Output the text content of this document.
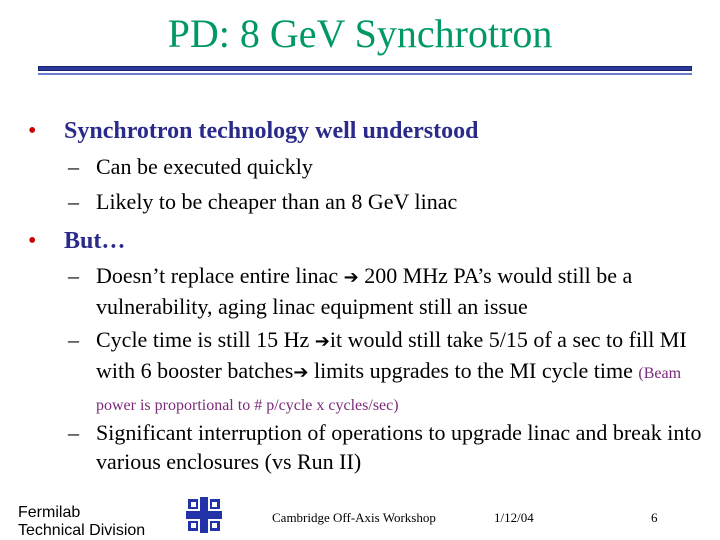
PD: 8 GeV Synchrotron
• Synchrotron technology well understood
– Can be executed quickly
– Likely to be cheaper than an 8 GeV linac
• But…
– Doesn’t replace entire linac ➔ 200 MHz PA’s would still be a vulnerability, aging linac equipment still an issue
– Cycle time is still 15 Hz ➔it would still take 5/15 of a sec to fill MI with 6 booster batches➔ limits upgrades to the MI cycle time (Beam power is proportional to # p/cycle x cycles/sec)
– Significant interruption of operations to upgrade linac and break into various enclosures (vs Run II)
Fermilab
Technical Division
Cambridge Off-Axis Workshop	1/12/04	6
